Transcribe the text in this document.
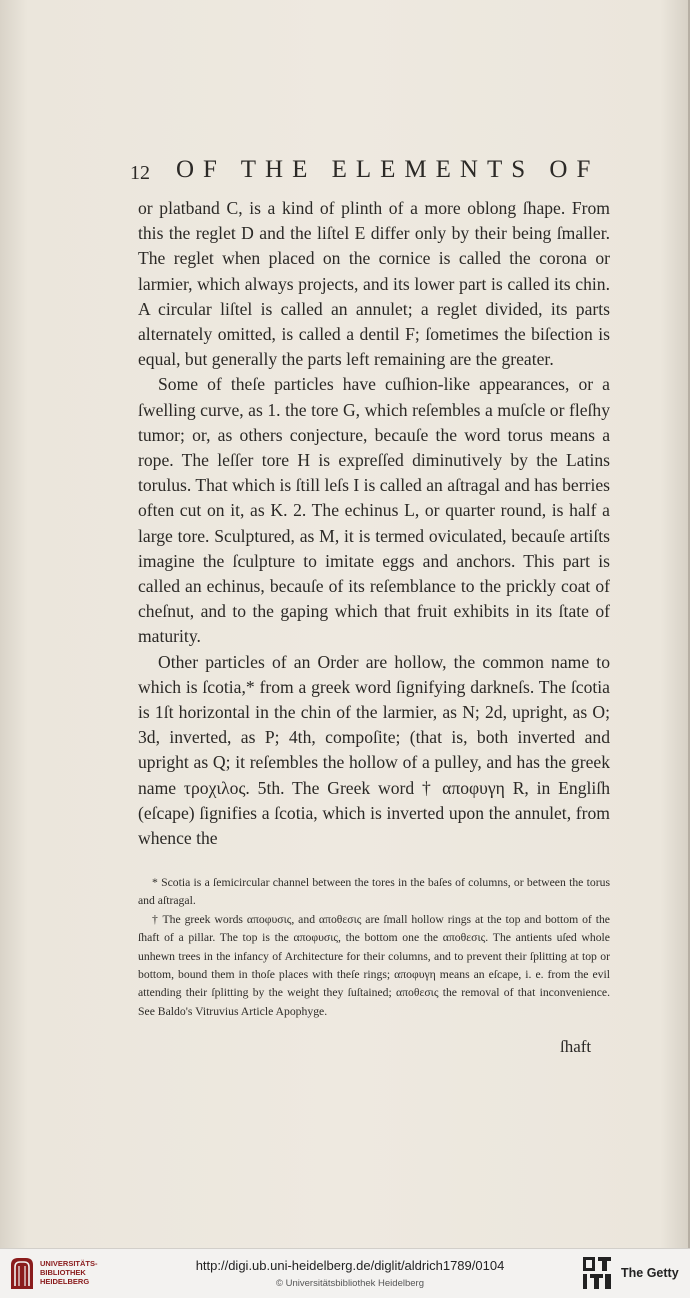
12 OF THE ELEMENTS OF

or platband C, is a kind of plinth of a more oblong ſhape. From this the reglet D and the liſtel E differ only by their being ſmaller. The reglet when placed on the cornice is called the corona or larmier, which always projects, and its lower part is called its chin. A circular liſtel is called an annulet; a reglet divided, its parts alternately omitted, is called a dentil F; ſometimes the biſection is equal, but generally the parts left remaining are the greater.

Some of theſe particles have cuſhion-like appearances, or a ſwelling curve, as 1. the tore G, which reſembles a muſcle or fleſhy tumor; or, as others conjecture, becauſe the word torus means a rope. The leſſer tore H is expreſſed diminutively by the Latins torulus. That which is ſtill leſs I is called an aſtragal and has berries often cut on it, as K. 2. The echinus L, or quarter round, is half a large tore. Sculptured, as M, it is termed oviculated, becauſe artiſts imagine the ſculpture to imitate eggs and anchors. This part is called an echinus, becauſe of its reſemblance to the prickly coat of cheſnut, and to the gaping which that fruit exhibits in its ſtate of maturity.

Other particles of an Order are hollow, the common name to which is ſcotia,* from a greek word ſignifying darkneſs. The ſcotia is 1ſt horizontal in the chin of the larmier, as N; 2d, upright, as O; 3d, inverted, as P; 4th, compoſite; (that is, both inverted and upright as Q; it reſembles the hollow of a pulley, and has the greek name τροχιλος. 5th. The Greek word † αποφυγη R, in Engliſh (eſcape) ſignifies a ſcotia, which is inverted upon the annulet, from whence the

* Scotia is a ſemicircular channel between the tores in the baſes of columns, or between the torus and aſtragal.

† The greek words αποφυσις, and αποθεσις are ſmall hollow rings at the top and bottom of the ſhaft of a pillar. The top is the αποφυσις, the bottom one the αποθεσις. The antients uſed whole unhewn trees in the infancy of Architecture for their columns, and to prevent their ſplitting at top or bottom, bound them in thoſe places with theſe rings; αποφυγη means an eſcape, i. e. from the evil attending their ſplitting by the weight they ſuſtained; αποθεσις the removal of that inconvenience. See Baldo's Vitruvius Article Apophyge.

ſhaft
UNIVERSITÄTS-
BIBLIOTHEK
HEIDELBERG
http://digi.ub.uni-heidelberg.de/diglit/aldrich1789/0104
© Universitätsbibliothek Heidelberg
The Getty
